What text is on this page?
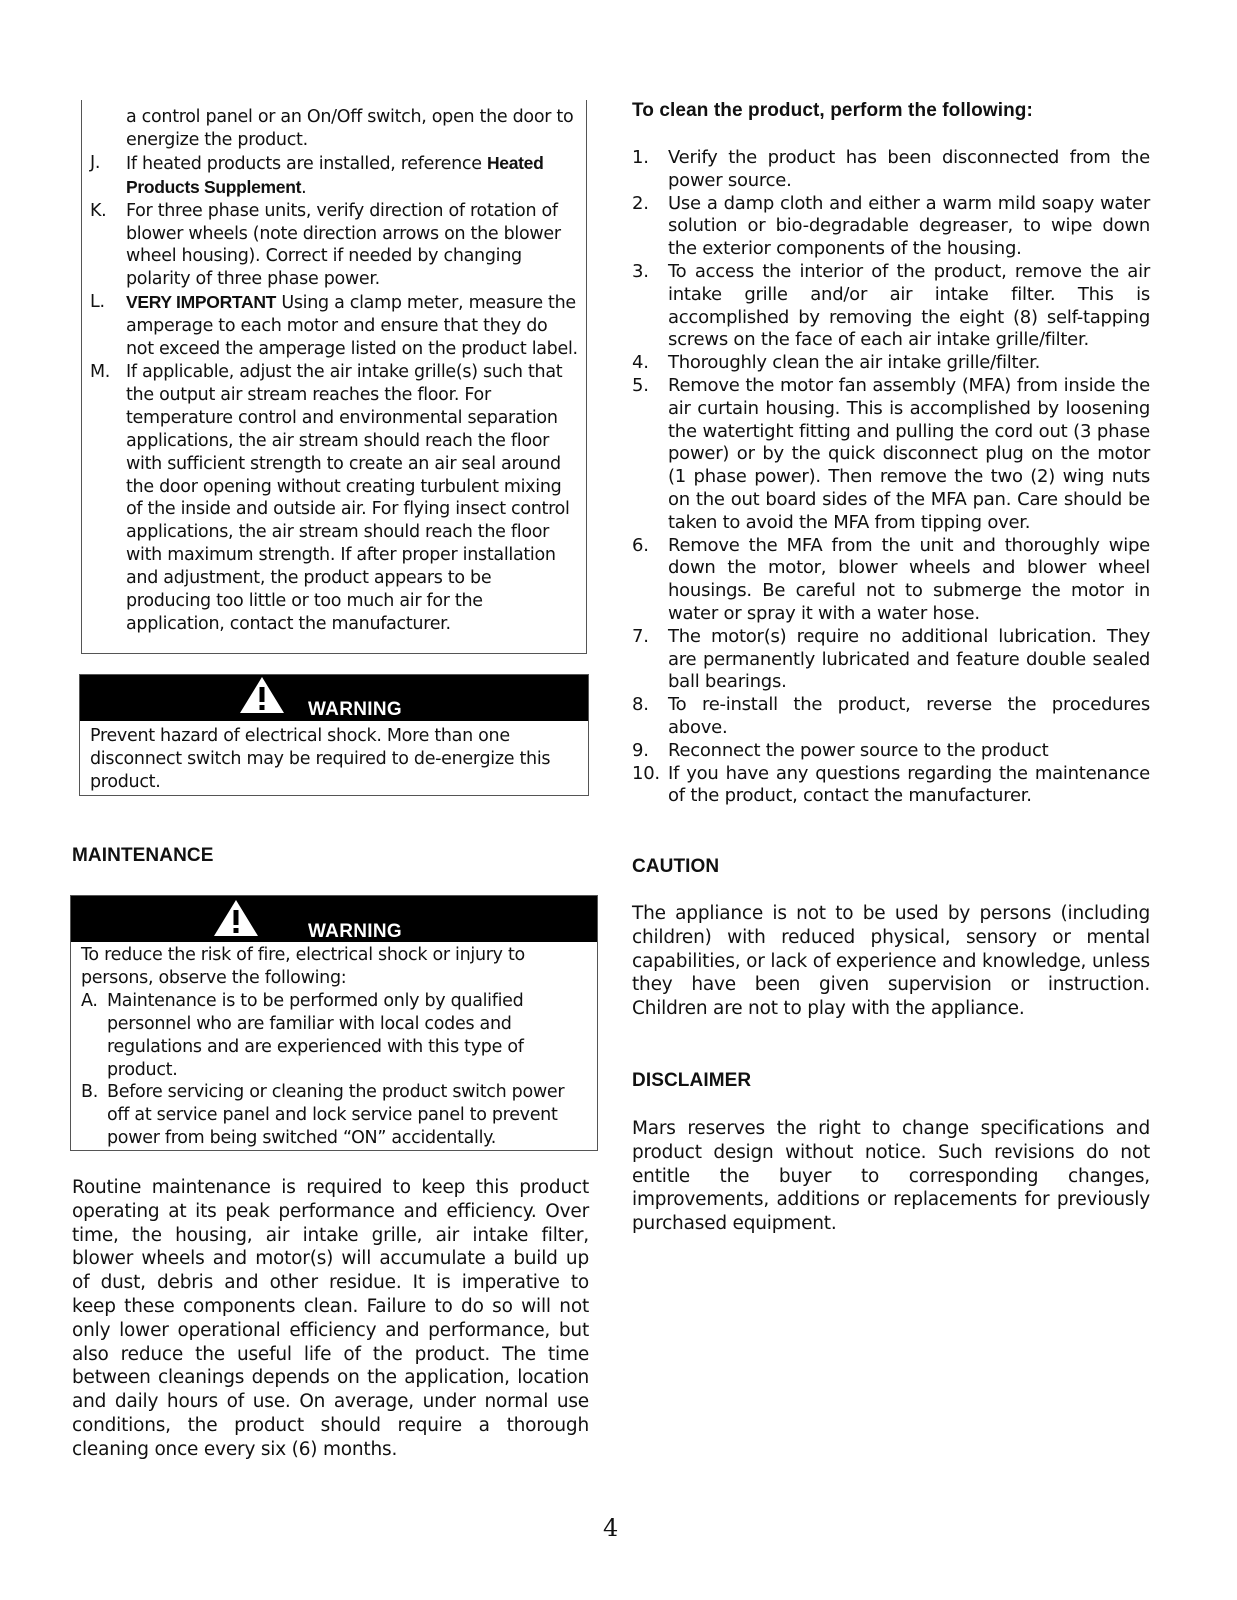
a control panel or an On/Off switch, open the door to energize the product.
J.	If heated products are installed, reference Heated Products Supplement.
K.	For three phase units, verify direction of rotation of blower wheels (note direction arrows on the blower wheel housing). Correct if needed by changing polarity of three phase power.
L.	VERY IMPORTANT Using a clamp meter, measure the amperage to each motor and ensure that they do not exceed the amperage listed on the product label.
M. If applicable, adjust the air intake grille(s) such that the output air stream reaches the floor. For temperature control and environmental separation applications, the air stream should reach the floor with sufficient strength to create an air seal around the door opening without creating turbulent mixing of the inside and outside air. For flying insect control applications, the air stream should reach the floor with maximum strength. If after proper installation and adjustment, the product appears to be producing too little or too much air for the application, contact the manufacturer.
WARNING
Prevent hazard of electrical shock. More than one disconnect switch may be required to de-energize this product.
MAINTENANCE
WARNING
To reduce the risk of fire, electrical shock or injury to persons, observe the following:
A. Maintenance is to be performed only by qualified personnel who are familiar with local codes and regulations and are experienced with this type of product.
B. Before servicing or cleaning the product switch power off at service panel and lock service panel to prevent power from being switched “ON” accidentally.
Routine maintenance is required to keep this product operating at its peak performance and efficiency. Over time, the housing, air intake grille, air intake filter, blower wheels and motor(s) will accumulate a build up of dust, debris and other residue. It is imperative to keep these components clean. Failure to do so will not only lower operational efficiency and performance, but also reduce the useful life of the product. The time between cleanings depends on the application, location and daily hours of use. On average, under normal use conditions, the product should require a thorough cleaning once every six (6) months.
To clean the product, perform the following:
1.	Verify the product has been disconnected from the power source.
2.	Use a damp cloth and either a warm mild soapy water solution or bio-degradable degreaser, to wipe down the exterior components of the housing.
3.	To access the interior of the product, remove the air intake grille and/or air intake filter. This is accomplished by removing the eight (8) self-tapping screws on the face of each air intake grille/filter.
4.	Thoroughly clean the air intake grille/filter.
5.	Remove the motor fan assembly (MFA) from inside the air curtain housing. This is accomplished by loosening the watertight fitting and pulling the cord out (3 phase power) or by the quick disconnect plug on the motor (1 phase power). Then remove the two (2) wing nuts on the out board sides of the MFA pan. Care should be taken to avoid the MFA from tipping over.
6.	Remove the MFA from the unit and thoroughly wipe down the motor, blower wheels and blower wheel housings. Be careful not to submerge the motor in water or spray it with a water hose.
7.	The motor(s) require no additional lubrication. They are permanently lubricated and feature double sealed ball bearings.
8.	To re-install the product, reverse the procedures above.
9.	Reconnect the power source to the product
10. If you have any questions regarding the maintenance of the product, contact the manufacturer.
CAUTION
The appliance is not to be used by persons (including children) with reduced physical, sensory or mental capabilities, or lack of experience and knowledge, unless they have been given supervision or instruction. Children are not to play with the appliance.
DISCLAIMER
Mars reserves the right to change specifications and product design without notice. Such revisions do not entitle the buyer to corresponding changes, improvements, additions or replacements for previously purchased equipment.
4
